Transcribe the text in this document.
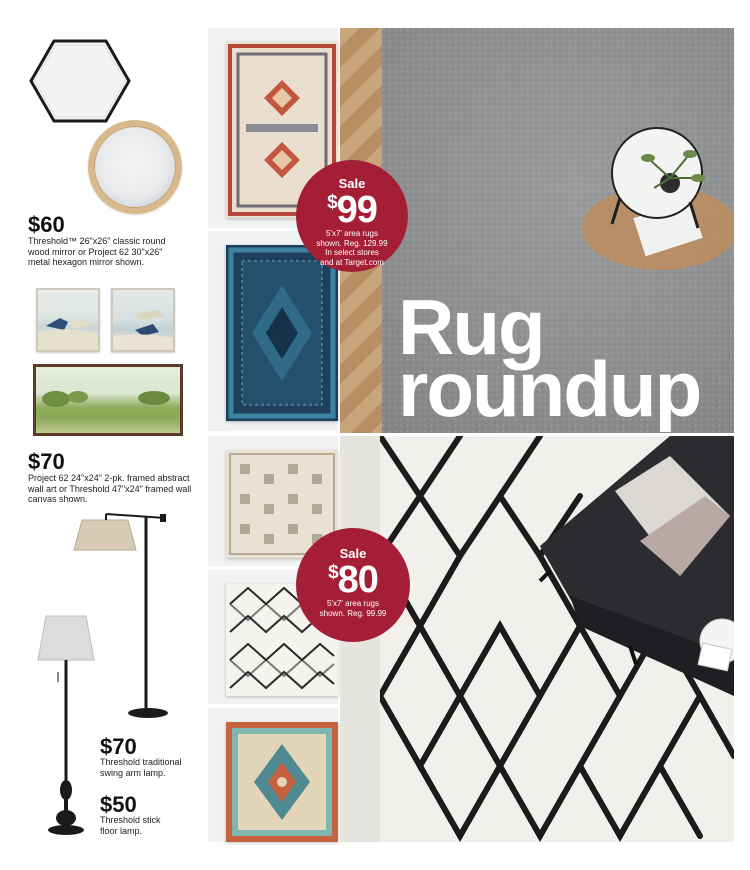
$60
Threshold™ 26"x26" classic round
wood mirror or Project 62 30"x26"
metal hexagon mirror shown.
$70
Project 62 24"x24" 2-pk. framed abstract
wall art or Threshold 47"x24" framed wall
canvas shown.
$70
Threshold traditional
swing arm lamp.
$50
Threshold stick
floor lamp.
Rug
roundup
Sale
$99
5'x7' area rugs
shown. Reg. 129.99
In select stores
and at Target.com
Sale
$80
5'x7' area rugs
shown. Reg. 99.99
